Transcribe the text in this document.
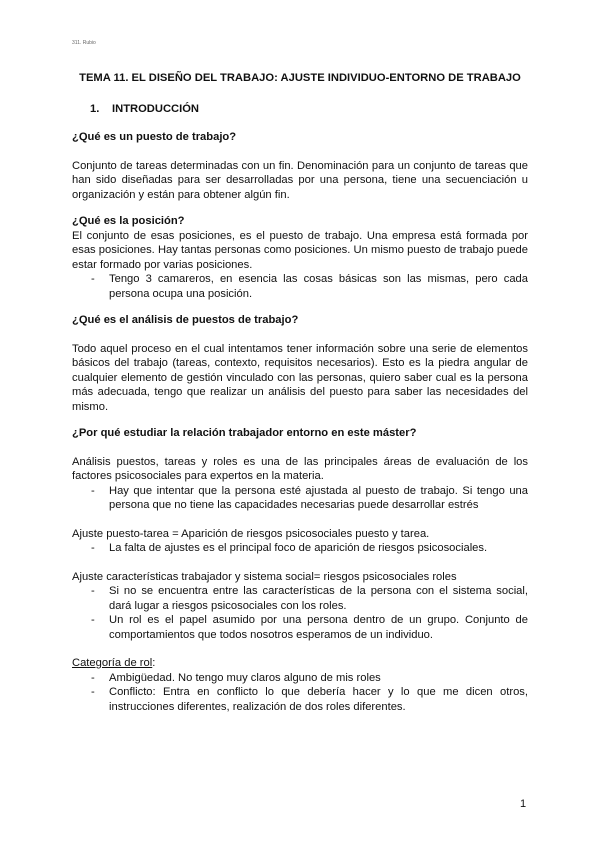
311. Rubio
TEMA 11. EL DISEÑO DEL TRABAJO: AJUSTE INDIVIDUO-ENTORNO DE TRABAJO
1. INTRODUCCIÓN
¿Qué es un puesto de trabajo?

Conjunto de tareas determinadas con un fin. Denominación para un conjunto de tareas que han sido diseñadas para ser desarrolladas por una persona, tiene una secuenciación u organización y están para obtener algún fin.

¿Qué es la posición?

El conjunto de esas posiciones, es el puesto de trabajo. Una empresa está formada por esas posiciones. Hay tantas personas como posiciones. Un mismo puesto de trabajo puede estar formado por varias posiciones.

- Tengo 3 camareros, en esencia las cosas básicas son las mismas, pero cada persona ocupa una posición.
¿Qué es el análisis de puestos de trabajo?

Todo aquel proceso en el cual intentamos tener información sobre una serie de elementos básicos del trabajo (tareas, contexto, requisitos necesarios). Esto es la piedra angular de cualquier elemento de gestión vinculado con las personas, quiero saber cual es la persona más adecuada, tengo que realizar un análisis del puesto para saber las necesidades del mismo.

¿Por qué estudiar la relación trabajador entorno en este máster?

Análisis puestos, tareas y roles es una de las principales áreas de evaluación de los factores psicosociales para expertos en la materia.

- Hay que intentar que la persona esté ajustada al puesto de trabajo. Si tengo una persona que no tiene las capacidades necesarias puede desarrollar estrés

Ajuste puesto-tarea = Aparición de riesgos psicosociales puesto y tarea.

- La falta de ajustes es el principal foco de aparición de riesgos psicosociales.

Ajuste características trabajador y sistema social= riesgos psicosociales roles

- Si no se encuentra entre las características de la persona con el sistema social, dará lugar a riesgos psicosociales con los roles.
- Un rol es el papel asumido por una persona dentro de un grupo. Conjunto de comportamientos que todos nosotros esperamos de un individuo.

Categoría de rol:

- Ambigüedad. No tengo muy claros alguno de mis roles
- Conflicto: Entra en conflicto lo que debería hacer y lo que me dicen otros, instrucciones diferentes, realización de dos roles diferentes.
1
